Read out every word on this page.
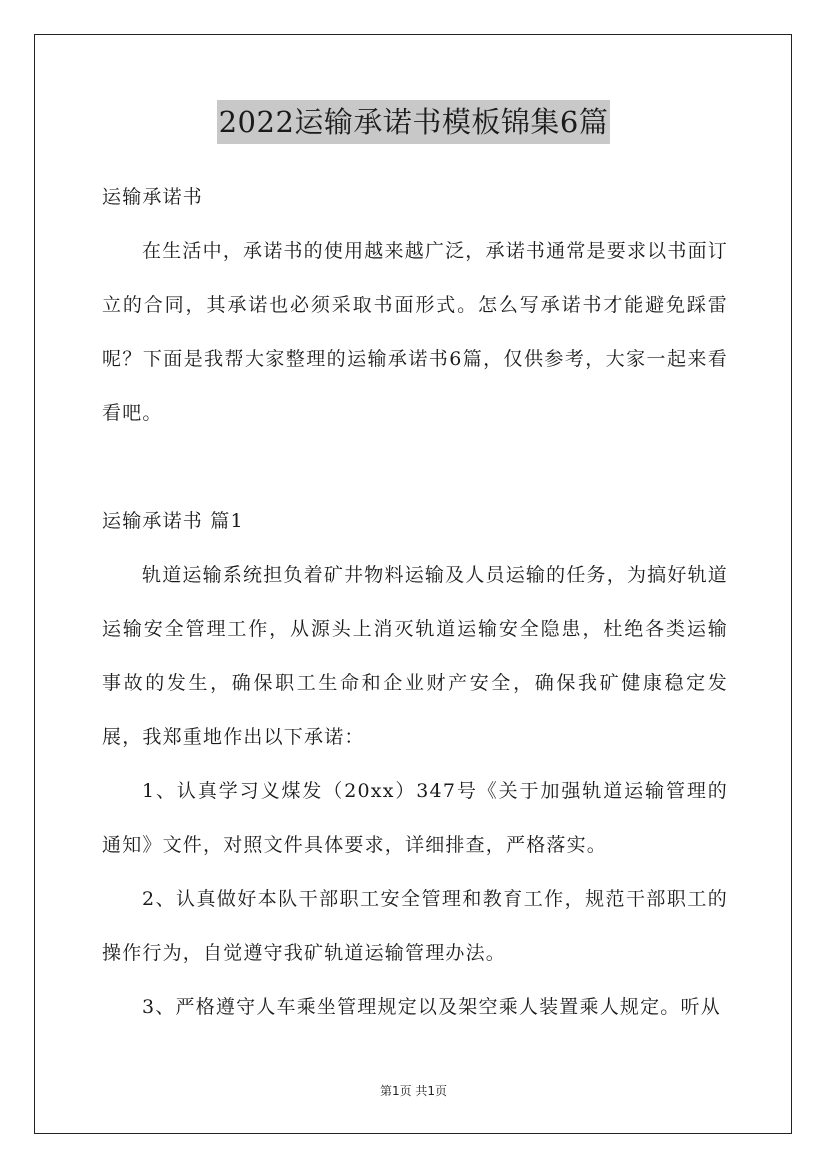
2022运输承诺书模板锦集6篇

运输承诺书

在生活中，承诺书的使用越来越广泛，承诺书通常是要求以书面订立的合同，其承诺也必须采取书面形式。怎么写承诺书才能避免踩雷呢？下面是我帮大家整理的运输承诺书6篇，仅供参考，大家一起来看看吧。

运输承诺书 篇1

轨道运输系统担负着矿井物料运输及人员运输的任务，为搞好轨道运输安全管理工作，从源头上消灭轨道运输安全隐患，杜绝各类运输事故的发生，确保职工生命和企业财产安全，确保我矿健康稳定发展，我郑重地作出以下承诺：

1、认真学习义煤发（20xx）347号《关于加强轨道运输管理的通知》文件，对照文件具体要求，详细排查，严格落实。

2、认真做好本队干部职工安全管理和教育工作，规范干部职工的操作行为，自觉遵守我矿轨道运输管理办法。

3、严格遵守人车乘坐管理规定以及架空乘人装置乘人规定。听从

第1页 共1页
